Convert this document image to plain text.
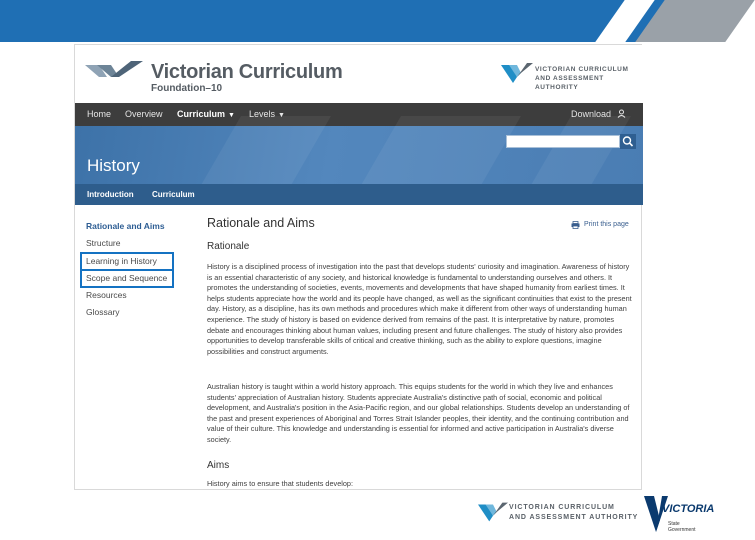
Victorian Curriculum
Foundation–10
VICTORIAN CURRICULUM
AND ASSESSMENT AUTHORITY
Home Overview Curriculum ▼ Levels ▼	Download
History
Introduction Curriculum
Rationale and Aims
Structure
Learning in History
Scope and Sequence
Resources
Glossary
Rationale and Aims	Print this page
Rationale
History is a disciplined process of investigation into the past that develops students' curiosity and imagination. Awareness of history is an essential characteristic of any society, and historical knowledge is fundamental to understanding ourselves and others. It promotes the understanding of societies, events, movements and developments that have shaped humanity from earliest times. It helps students appreciate how the world and its people have changed, as well as the significant continuities that exist to the present day. History, as a discipline, has its own methods and procedures which make it different from other ways of understanding human experience. The study of history is based on evidence derived from remains of the past. It is interpretative by nature, promotes debate and encourages thinking about human values, including present and future challenges. The study of history also provides opportunities to develop transferable skills of critical and creative thinking, such as the ability to explore questions, imagine possibilities and construct arguments.
Australian history is taught within a world history approach. This equips students for the world in which they live and enhances students' appreciation of Australian history. Students appreciate Australia's distinctive path of social, economic and political development, and Australia's position in the Asia-Pacific region, and our global relationships. Students develop an understanding of the past and present experiences of Aboriginal and Torres Strait Islander peoples, their identity, and the continuing contribution and value of their culture. This knowledge and understanding is essential for informed and active participation in Australia's diverse society.
Aims
History aims to ensure that students develop:
VICTORIAN CURRICULUM
AND ASSESSMENT AUTHORITY
VICTORIA
State
Government
